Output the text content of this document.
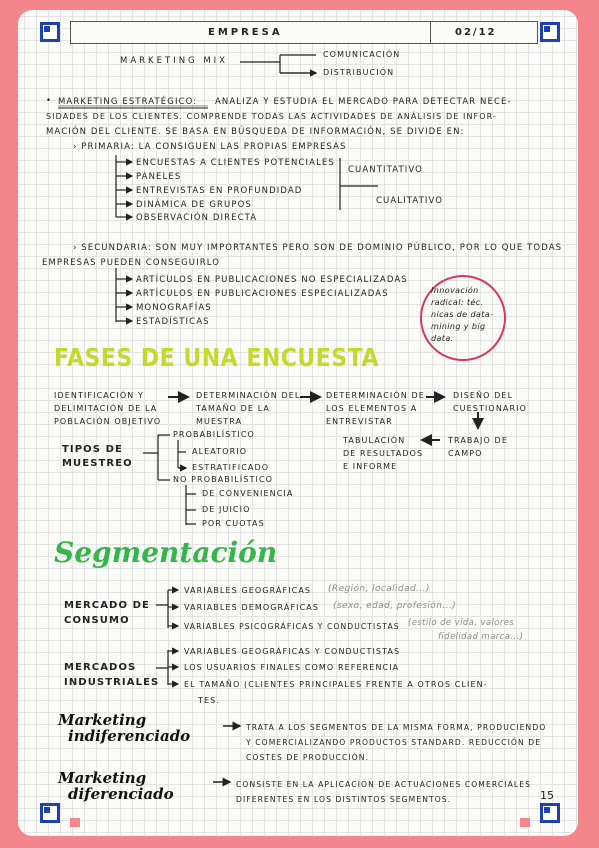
EMPRESA	02/12
MARKETING MIX
COMUNICACIÓN
DISTRIBUCIÓN
• MARKETING ESTRATÉGICO: ANALIZA Y ESTUDIA EL MERCADO PARA DETECTAR NECE-
SIDADES DE LOS CLIENTES. COMPRENDE TODAS LAS ACTIVIDADES DE ANÁLISIS DE INFOR-
MACIÓN DEL CLIENTE. SE BASA EN BÚSQUEDA DE INFORMACIÓN, SE DIVIDE EN:
› PRIMARIA: LA CONSIGUEN LAS PROPIAS EMPRESAS
ENCUESTAS A CLIENTES POTENCIALES
PANELES
ENTREVISTAS EN PROFUNDIDAD
DINÁMICA DE GRUPOS
OBSERVACIÓN DIRECTA
CUANTITATIVO
CUALITATIVO
› SECUNDARIA: SON MUY IMPORTANTES PERO SON DE DOMINIO PÚBLICO, POR LO QUE TODAS
EMPRESAS PUEDEN CONSEGUIRLO
ARTÍCULOS EN PUBLICACIONES NO ESPECIALIZADAS
ARTÍCULOS EN PUBLICACIONES ESPECIALIZADAS
MONOGRAFÍAS
ESTADÍSTICAS
Innovación
radical: téc.
nicas de data-
mining y big
data.
FASES DE UNA ENCUESTA
IDENTIFICACIÓN Y
DELIMITACIÓN DE LA
POBLACIÓN OBJETIVO
DETERMINACIÓN DEL
TAMAÑO DE LA
MUESTRA
DETERMINACIÓN DE
LOS ELEMENTOS A
ENTREVISTAR
DISEÑO DEL
CUESTIONARIO
TRABAJO DE
CAMPO
TABULACIÓN
DE RESULTADOS
E INFORME
TIPOS DE
MUESTREO
PROBABILÍSTICO
ALEATORIO
ESTRATIFICADO
NO PROBABILÍSTICO
DE CONVENIENCIA
DE JUICIO
POR CUOTAS
Segmentación
MERCADO DE
CONSUMO
VARIABLES GEOGRÁFICAS (Región, localidad...)
VARIABLES DEMOGRÁFICAS (sexo, edad, profesión...)
VARIABLES PSICOGRÁFICAS Y CONDUCTISTAS (estilo de vida, valores
fidelidad marca...)
MERCADOS
INDUSTRIALES
VARIABLES GEOGRÁFICAS Y CONDUCTISTAS
LOS USUARIOS FINALES COMO REFERENCIA
EL TAMAÑO (CLIENTES PRINCIPALES FRENTE A OTROS CLIEN-
TES.
Marketing
indiferenciado	TRATA A LOS SEGMENTOS DE LA MISMA FORMA, PRODUCIENDO
Y COMERCIALIZANDO PRODUCTOS STANDARD. REDUCCIÓN DE
COSTES DE PRODUCCIÓN.
Marketing
diferenciado
CONSISTE EN LA APLICACIÓN DE ACTUACIONES COMERCIALES
DIFERENTES EN LOS DISTINTOS SEGMENTOS.	15
